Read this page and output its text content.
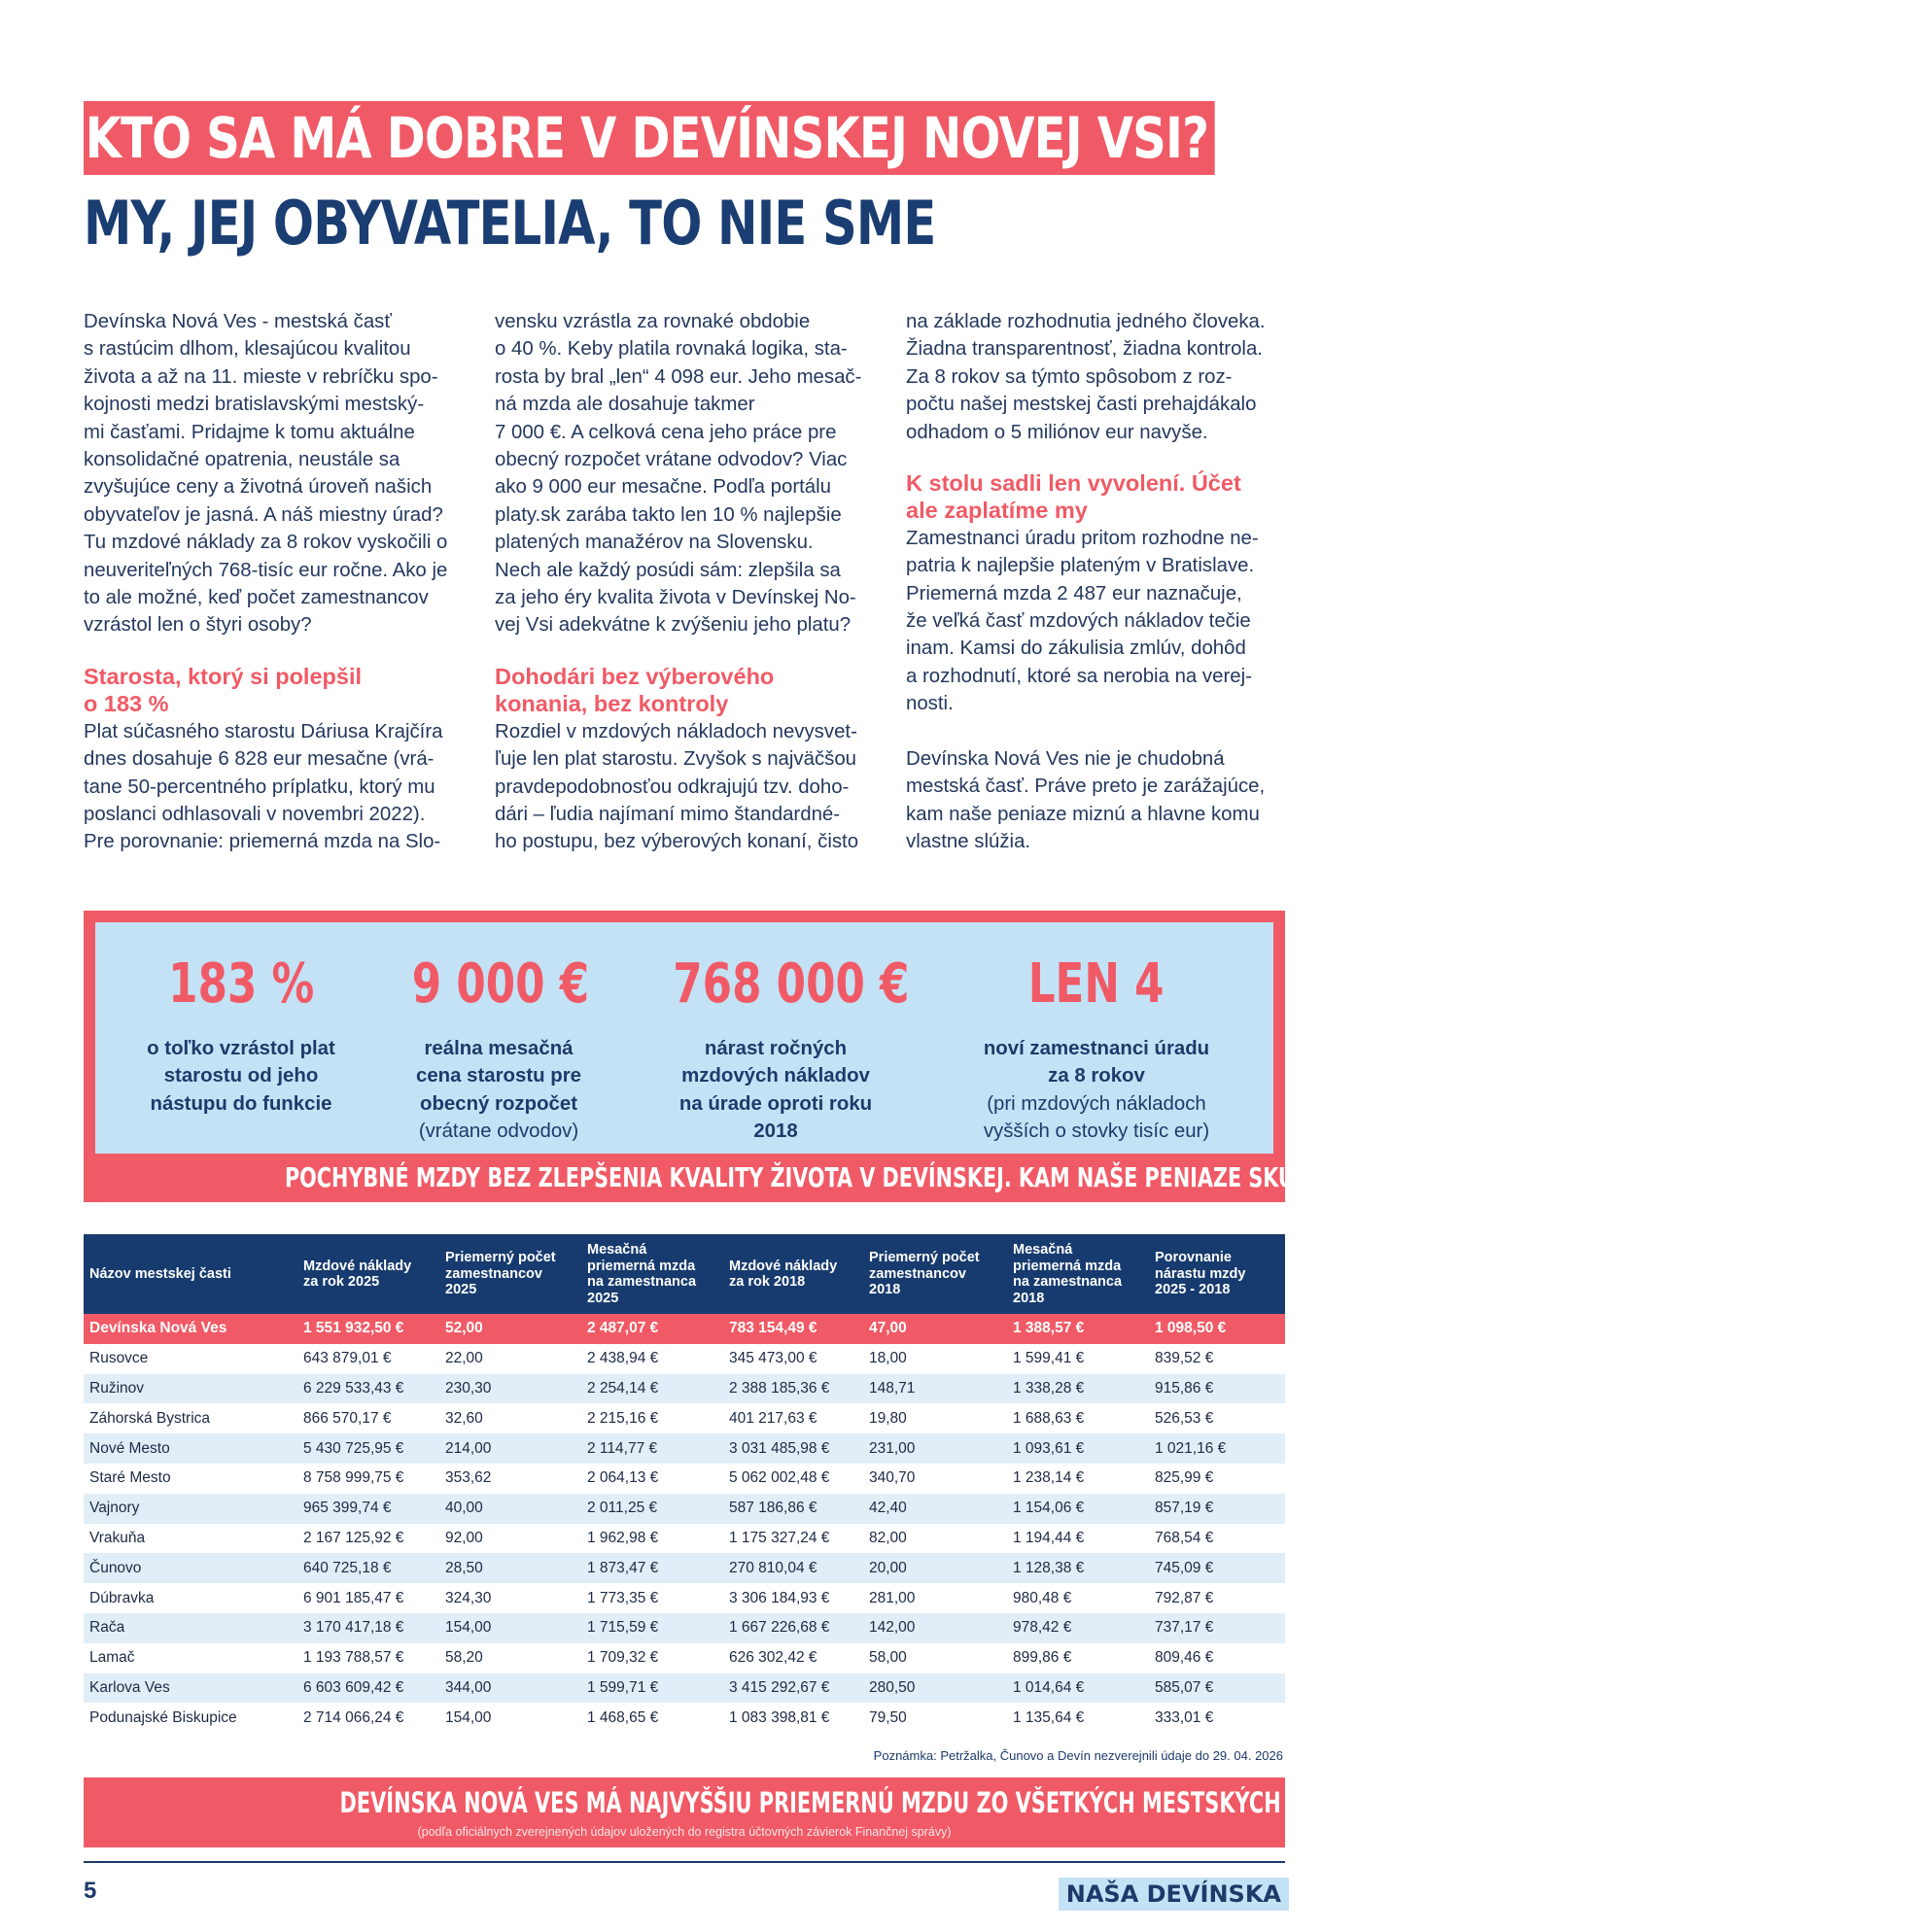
KTO SA MÁ DOBRE V DEVÍNSKEJ NOVEJ VSI?
MY, JEJ OBYVATELIA, TO NIE SME

Devínska Nová Ves - mestská časť
s rastúcim dlhom, klesajúcou kvalitou
života a až na 11. mieste v rebríčku spo-
kojnosti medzi bratislavskými mestský-
mi časťami. Pridajme k tomu aktuálne
konsolidačné opatrenia, neustále sa
zvyšujúce ceny a životná úroveň našich
obyvateľov je jasná. A náš miestny úrad?
Tu mzdové náklady za 8 rokov vyskočili o
neuveriteľných 768-tisíc eur ročne. Ako je
to ale možné, keď počet zamestnancov
vzrástol len o štyri osoby?

Starosta, ktorý si polepšil
o 183 %

Plat súčasného starostu Dáriusa Krajčíra
dnes dosahuje 6 828 eur mesačne (vrá-
tane 50-percentného príplatku, ktorý mu
poslanci odhlasovali v novembri 2022).
Pre porovnanie: priemerná mzda na Slo-

vensku vzrástla za rovnaké obdobie
o 40 %. Keby platila rovnaká logika, sta-
rosta by bral „len“ 4 098 eur. Jeho mesač-
ná mzda ale dosahuje takmer
7 000 €. A celková cena jeho práce pre
obecný rozpočet vrátane odvodov? Viac
ako 9 000 eur mesačne. Podľa portálu
platy.sk zarába takto len 10 % najlepšie
platených manažérov na Slovensku.
Nech ale každý posúdi sám: zlepšila sa
za jeho éry kvalita života v Devínskej No-
vej Vsi adekvátne k zvýšeniu jeho platu?

Dohodári bez výberového
konania, bez kontroly

Rozdiel v mzdových nákladoch nevysvet-
ľuje len plat starostu. Zvyšok s najväčšou
pravdepodobnosťou odkrajujú tzv. doho-
dári – ľudia najímaní mimo štandardné-
ho postupu, bez výberových konaní, čisto

na základe rozhodnutia jedného človeka.
Žiadna transparentnosť, žiadna kontrola.
Za 8 rokov sa týmto spôsobom z roz-
počtu našej mestskej časti prehajdákalo
odhadom o 5 miliónov eur navyše.

K stolu sadli len vyvolení. Účet
ale zaplatíme my

Zamestnanci úradu pritom rozhodne ne-
patria k najlepšie plateným v Bratislave.
Priemerná mzda 2 487 eur naznačuje,
že veľká časť mzdových nákladov tečie
inam. Kamsi do zákulisia zmlúv, dohôd
a rozhodnutí, ktoré sa nerobia na verej-
nosti.

Devínska Nová Ves nie je chudobná
mestská časť. Práve preto je zarážajúce,
kam naše peniaze miznú a hlavne komu
vlastne slúžia.

183 %
o toľko vzrástol plat
starostu od jeho
nástupu do funkcie
9 000 €
reálna mesačná
cena starostu pre
obecný rozpočet
(vrátane odvodov)
768 000 €
nárast ročných
mzdových nákladov
na úrade oproti roku
2018
LEN 4
noví zamestnanci úradu
za 8 rokov
(pri mzdových nákladoch
vyšších o stovky tisíc eur)
POCHYBNÉ MZDY BEZ ZLEPŠENIA KVALITY ŽIVOTA V DEVÍNSKEJ. KAM NAŠE PENIAZE SKUTOČNE IDÚ?
Názov mestskej časti	Mzdové náklady
za rok 2025	Priemerný počet
zamestnancov
2025	Mesačná
priemerná mzda
na zamestnanca
2025	Mzdové náklady
za rok 2018	Priemerný počet
zamestnancov
2018	Mesačná
priemerná mzda
na zamestnanca
2018	Porovnanie
nárastu mzdy
2025 - 2018
Devínska Nová Ves	1 551 932,50 €	52,00	2 487,07 €	783 154,49 €	47,00	1 388,57 €	1 098,50 €
Rusovce	643 879,01 €	22,00	2 438,94 €	345 473,00 €	18,00	1 599,41 €	839,52 €
Ružinov	6 229 533,43 €	230,30	2 254,14 €	2 388 185,36 €	148,71	1 338,28 €	915,86 €
Záhorská Bystrica	866 570,17 €	32,60	2 215,16 €	401 217,63 €	19,80	1 688,63 €	526,53 €
Nové Mesto	5 430 725,95 €	214,00	2 114,77 €	3 031 485,98 €	231,00	1 093,61 €	1 021,16 €
Staré Mesto	8 758 999,75 €	353,62	2 064,13 €	5 062 002,48 €	340,70	1 238,14 €	825,99 €
Vajnory	965 399,74 €	40,00	2 011,25 €	587 186,86 €	42,40	1 154,06 €	857,19 €
Vrakuňa	2 167 125,92 €	92,00	1 962,98 €	1 175 327,24 €	82,00	1 194,44 €	768,54 €
Čunovo	640 725,18 €	28,50	1 873,47 €	270 810,04 €	20,00	1 128,38 €	745,09 €
Dúbravka	6 901 185,47 €	324,30	1 773,35 €	3 306 184,93 €	281,00	980,48 €	792,87 €
Rača	3 170 417,18 €	154,00	1 715,59 €	1 667 226,68 €	142,00	978,42 €	737,17 €
Lamač	1 193 788,57 €	58,20	1 709,32 €	626 302,42 €	58,00	899,86 €	809,46 €
Karlova Ves	6 603 609,42 €	344,00	1 599,71 €	3 415 292,67 €	280,50	1 014,64 €	585,07 €
Podunajské Biskupice	2 714 066,24 €	154,00	1 468,65 €	1 083 398,81 €	79,50	1 135,64 €	333,01 €
Poznámka: Petržalka, Čunovo a Devín nezverejnili údaje do 29. 04. 2026
DEVÍNSKA NOVÁ VES MÁ NAJVYŠŠIU PRIEMERNÚ MZDU ZO VŠETKÝCH MESTSKÝCH ČASTÍ BRATISLAVY ZA ROK 2025
(podľa oficiálnych zverejnených údajov uložených do registra účtovných závierok Finančnej správy)
5	NAŠA DEVÍNSKA
